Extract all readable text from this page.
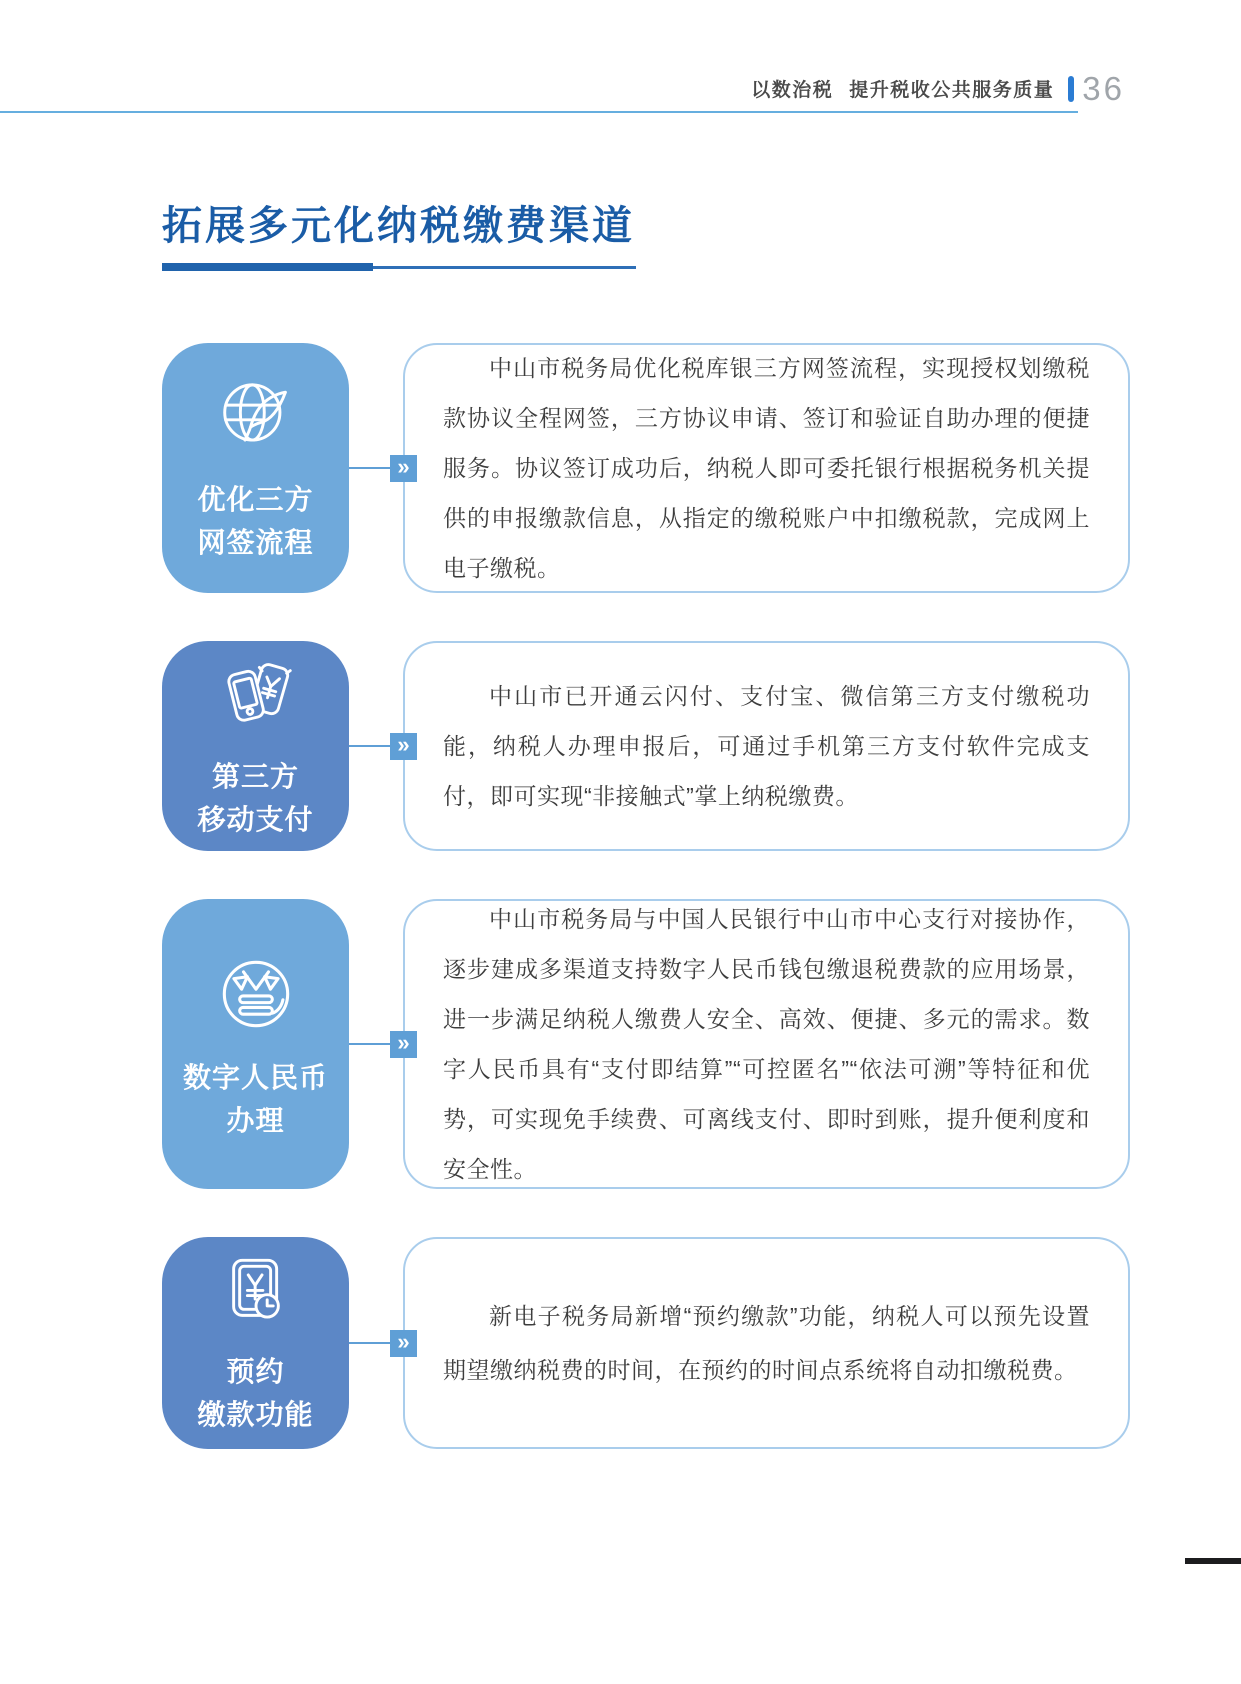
以数治税 提升税收公共服务质量 36
拓展多元化纳税缴费渠道
优化三方
网签流程
»

中山市税务局优化税库银三方网签流程，实现授权划缴税款协议全程网签，三方协议申请、签订和验证自助办理的便捷服务。协议签订成功后，纳税人即可委托银行根据税务机关提供的申报缴款信息，从指定的缴税账户中扣缴税款，完成网上电子缴税。

第三方
移动支付
»

中山市已开通云闪付、支付宝、微信第三方支付缴税功能，纳税人办理申报后，可通过手机第三方支付软件完成支付，即可实现“非接触式”掌上纳税缴费。

数字人民币
办理
»

中山市税务局与中国人民银行中山市中心支行对接协作，逐步建成多渠道支持数字人民币钱包缴退税费款的应用场景，进一步满足纳税人缴费人安全、高效、便捷、多元的需求。数字人民币具有“支付即结算”“可控匿名”“依法可溯”等特征和优势，可实现免手续费、可离线支付、即时到账，提升便利度和安全性。

预约
缴款功能
»

新电子税务局新增“预约缴款”功能，纳税人可以预先设置期望缴纳税费的时间，在预约的时间点系统将自动扣缴税费。
